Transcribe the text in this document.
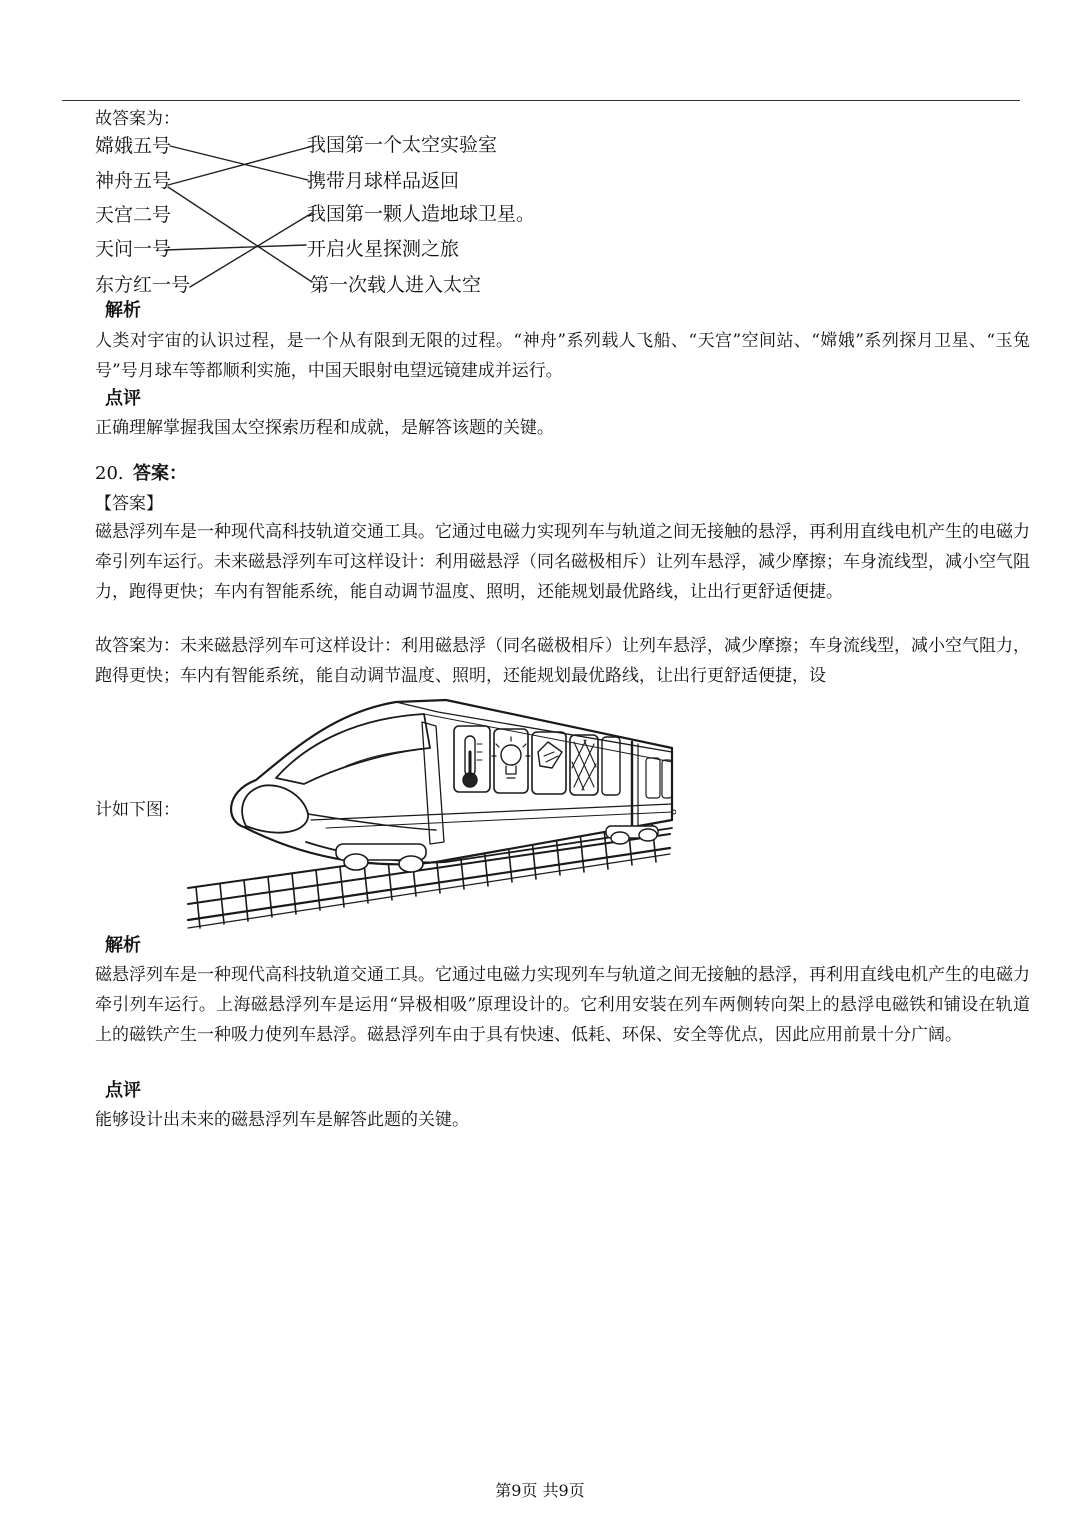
故答案为：
嫦娥五号
神舟五号
天宫二号
天问一号
东方红一号
我国第一个太空实验室
携带月球样品返回
我国第一颗人造地球卫星。
开启火星探测之旅
第一次载人进入太空
解析
人类对宇宙的认识过程，是一个从有限到无限的过程。“神舟”系列载人飞船、“天宫”空间站、“嫦娥”系列探月卫星、“玉兔号”号月球车等都顺利实施，中国天眼射电望远镜建成并运行。
点评
正确理解掌握我国太空探索历程和成就，是解答该题的关键。
20. 答案：
【答案】
磁悬浮列车是一种现代高科技轨道交通工具。它通过电磁力实现列车与轨道之间无接触的悬浮，再利用直线电机产生的电磁力牵引列车运行。未来磁悬浮列车可这样设计：利用磁悬浮（同名磁极相斥）让列车悬浮，减少摩擦；车身流线型，减小空气阻力，跑得更快；车内有智能系统，能自动调节温度、照明，还能规划最优路线，让出行更舒适便捷。
故答案为：未来磁悬浮列车可这样设计：利用磁悬浮（同名磁极相斥）让列车悬浮，减少摩擦；车身流线型，减小空气阻力，跑得更快；车内有智能系统，能自动调节温度、照明，还能规划最优路线，让出行更舒适便捷，设
计如下图：
解析
磁悬浮列车是一种现代高科技轨道交通工具。它通过电磁力实现列车与轨道之间无接触的悬浮，再利用直线电机产生的电磁力牵引列车运行。上海磁悬浮列车是运用“异极相吸”原理设计的。它利用安装在列车两侧转向架上的悬浮电磁铁和铺设在轨道上的磁铁产生一种吸力使列车悬浮。磁悬浮列车由于具有快速、低耗、环保、安全等优点，因此应用前景十分广阔。
点评
能够设计出未来的磁悬浮列车是解答此题的关键。
第9页 共9页
